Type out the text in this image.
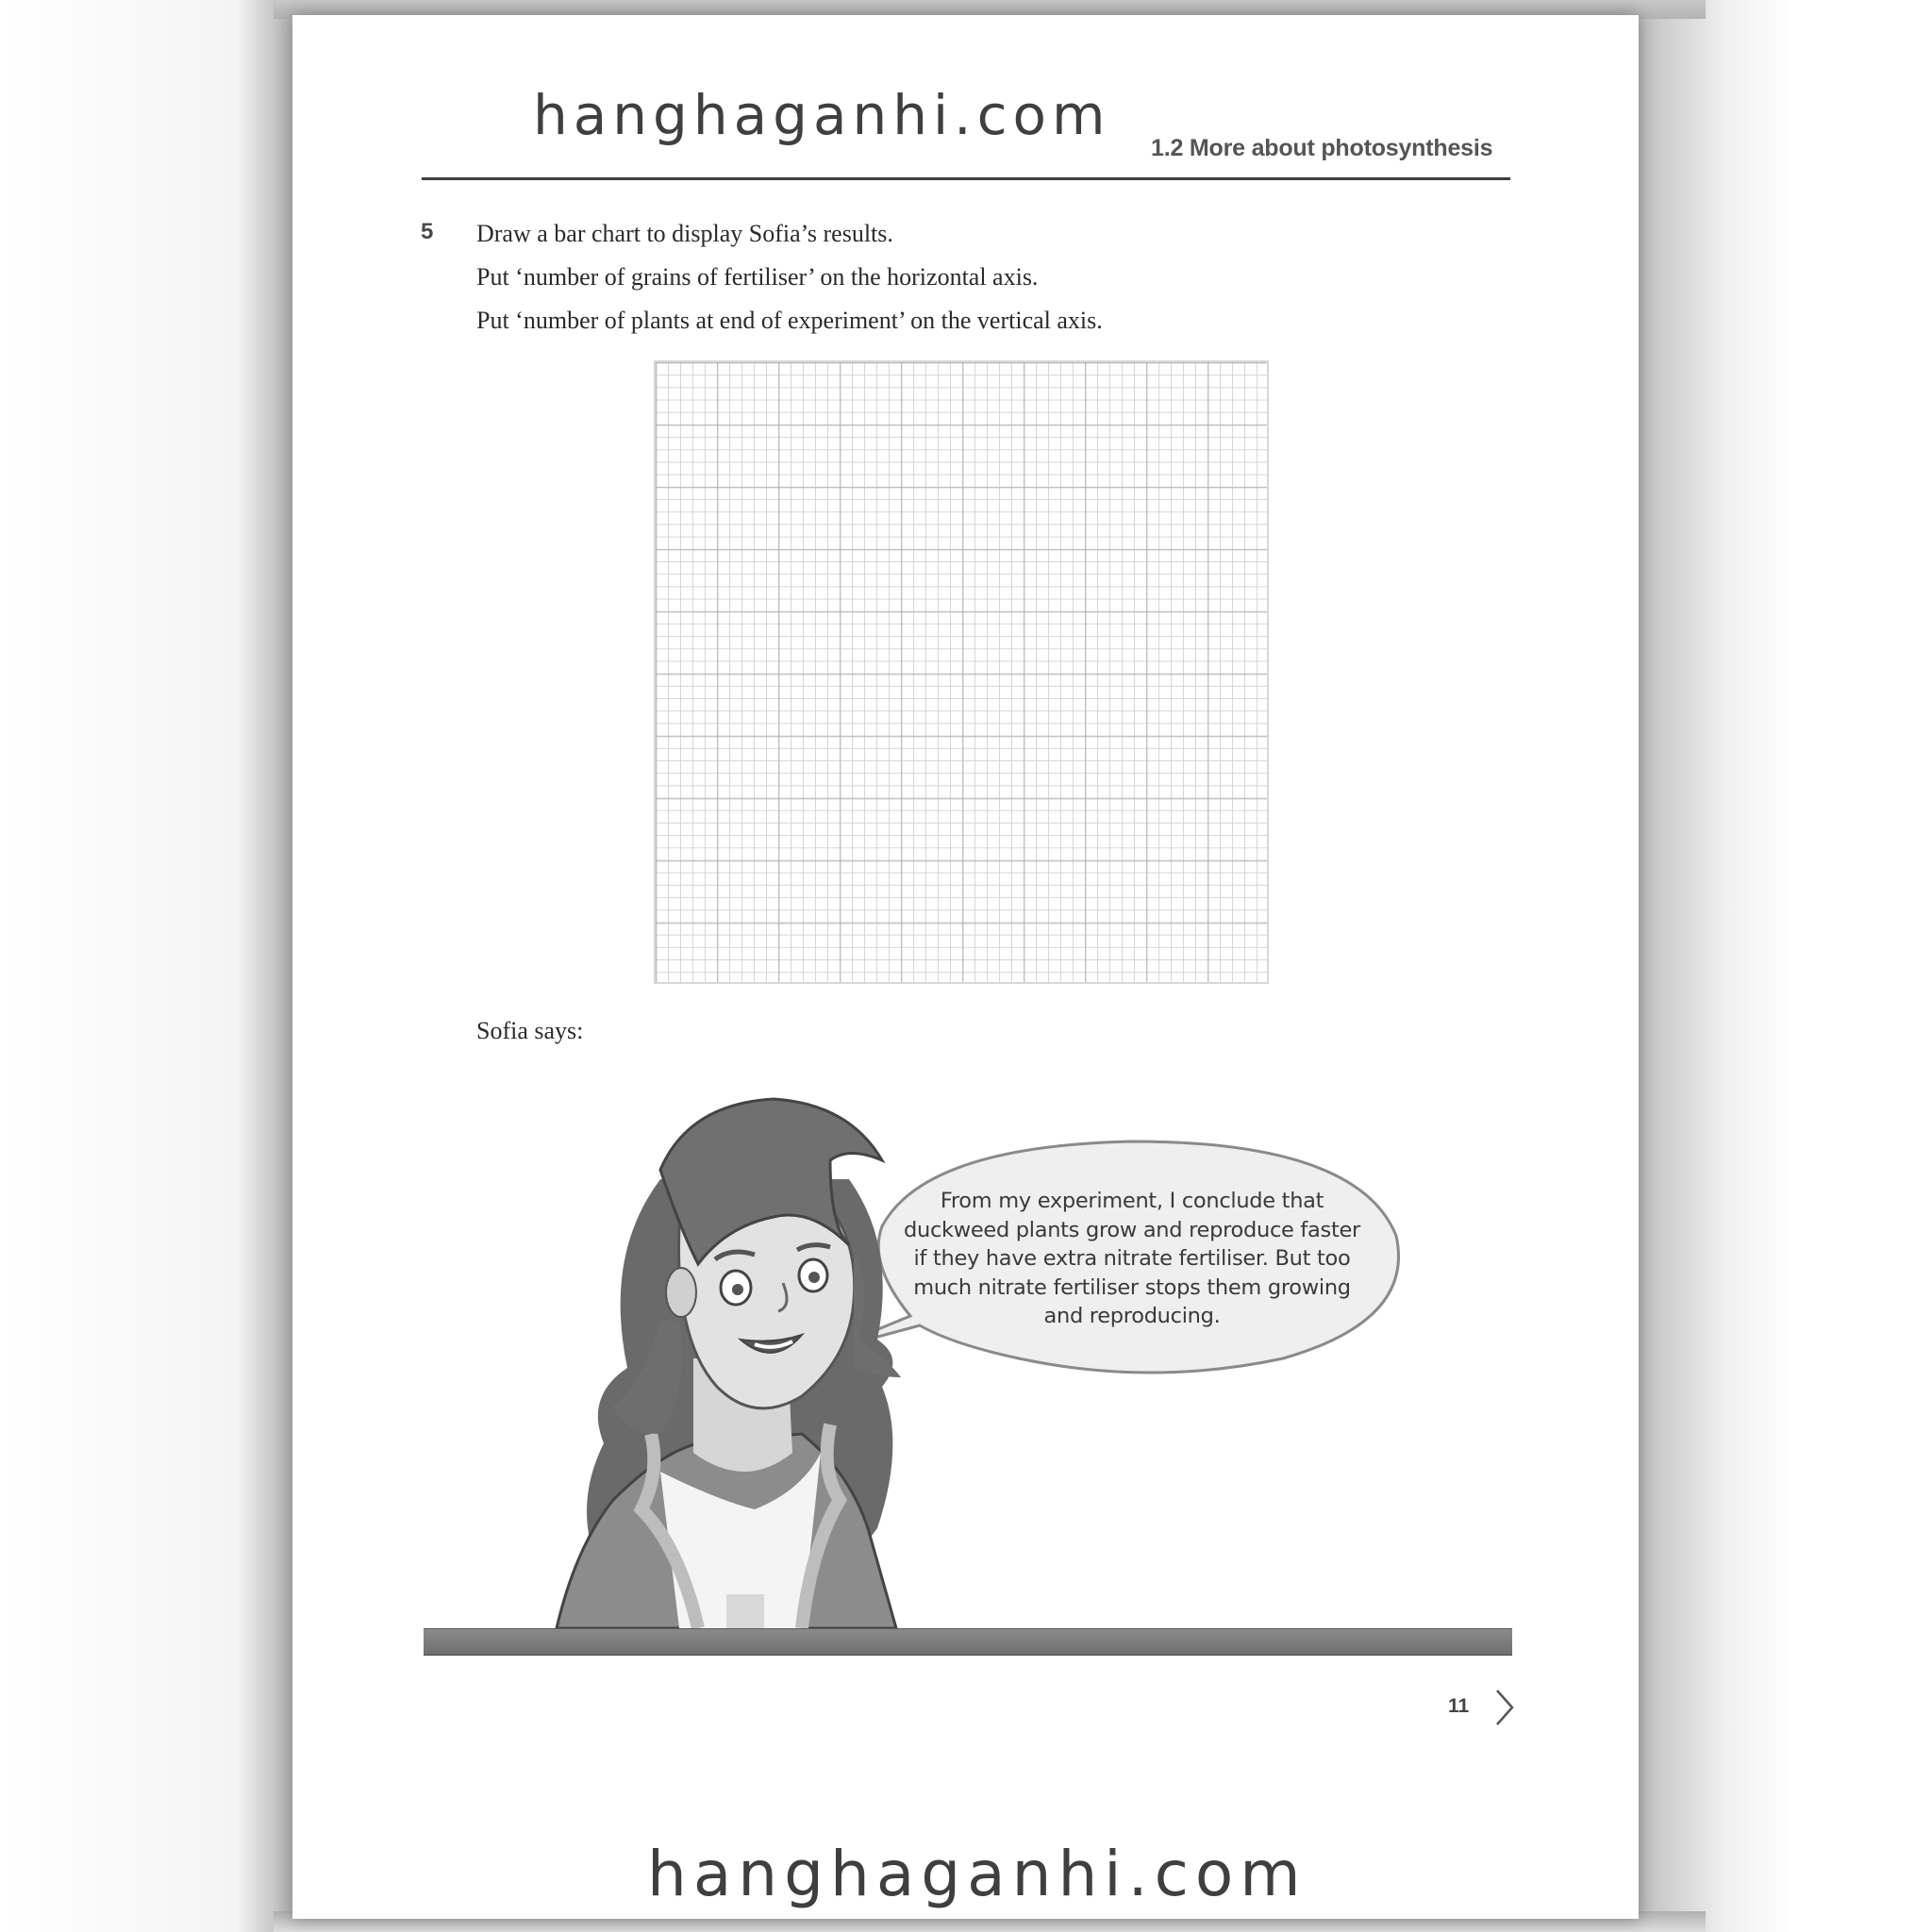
hanghaganhi.com
1.2 More about photosynthesis
5 Draw a bar chart to display Sofia’s results.
Put ‘number of grains of fertiliser’ on the horizontal axis.
Put ‘number of plants at end of experiment’ on the vertical axis.
Sofia says:
From my experiment, I conclude that
duckweed plants grow and reproduce faster
if they have extra nitrate fertiliser. But too
much nitrate fertiliser stops them growing
and reproducing.
11
hanghaganhi.com
